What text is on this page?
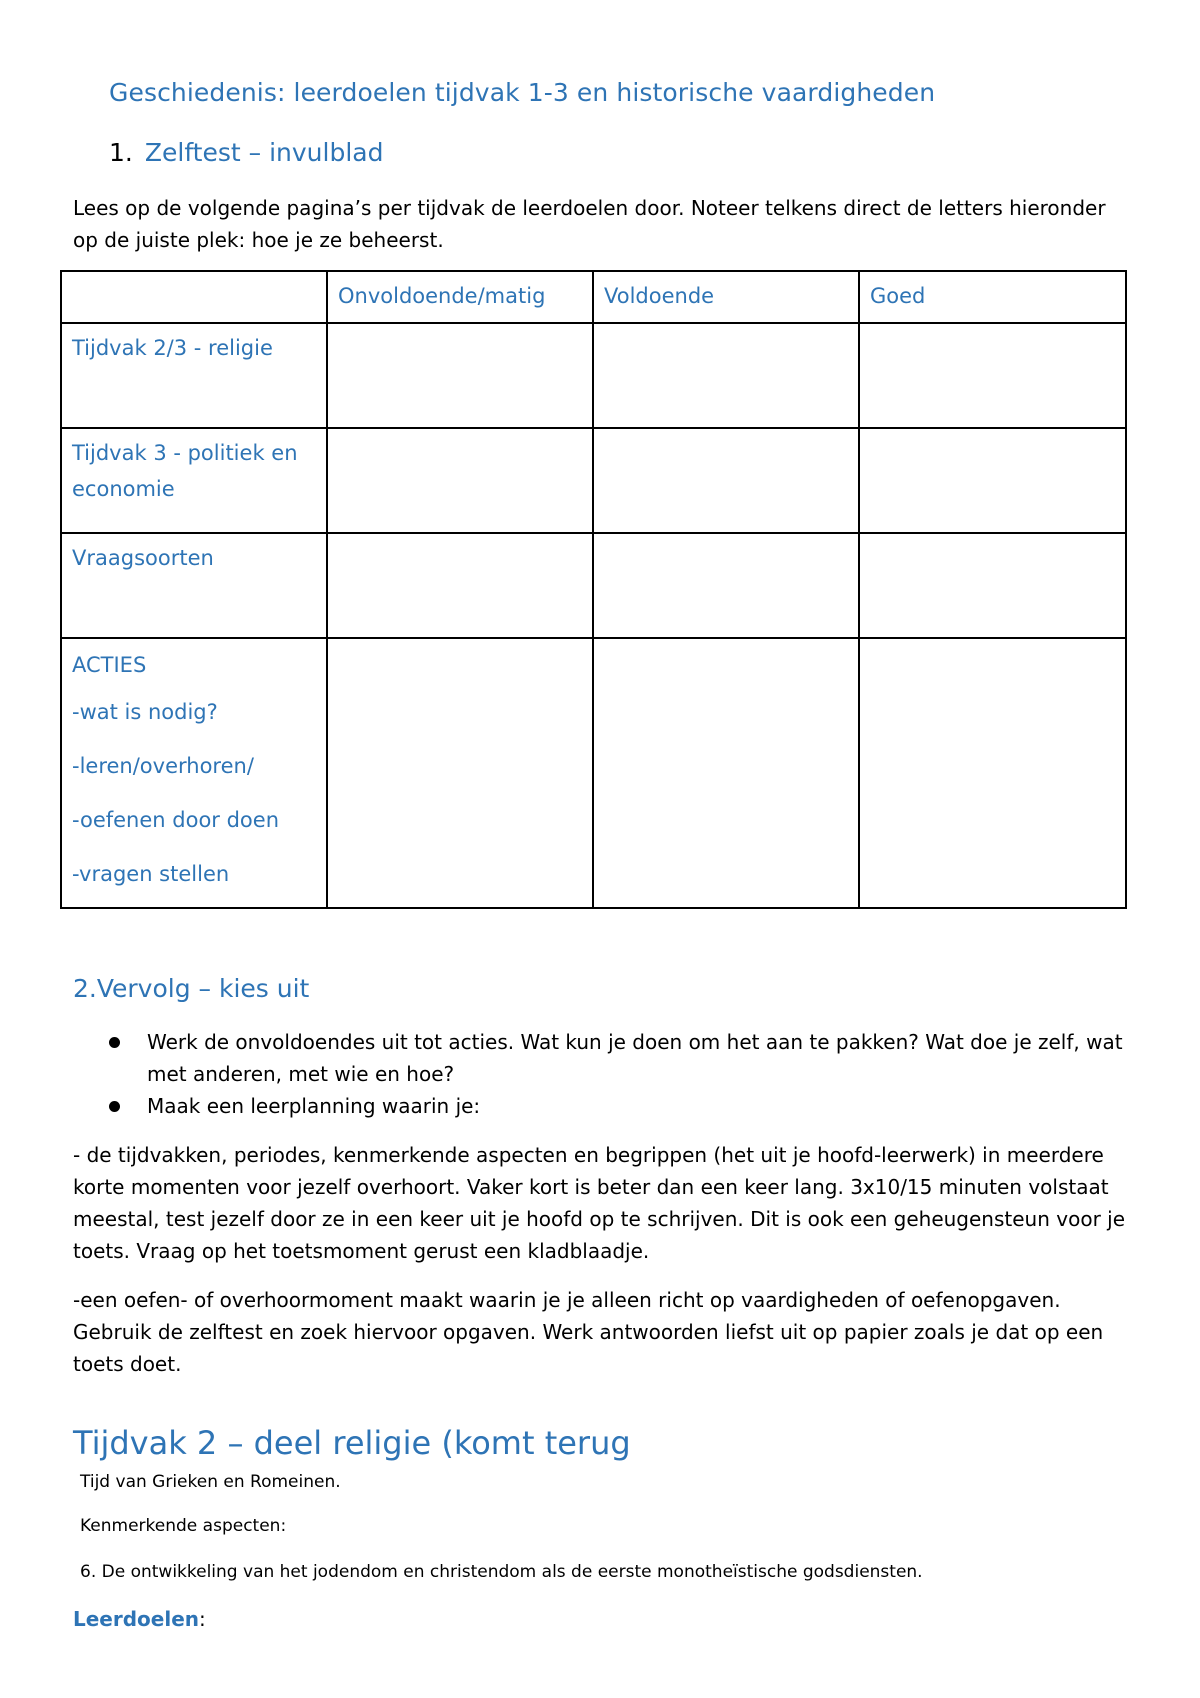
Geschiedenis: leerdoelen tijdvak 1-3 en historische vaardigheden
1. Zelftest – invulblad

Lees op de volgende pagina’s per tijdvak de leerdoelen door. Noteer telkens direct de letters hieronder op de juiste plek: hoe je ze beheerst.

	Onvoldoende/matig	Voldoende	Goed
Tijdvak 2/3 - religie			
Tijdvak 3 - politiek en economie			
Vraagsoorten			

ACTIES
-wat is nodig?
-leren/overhoren/
-oefenen door doen
-vragen stellen			

2.Vervolg – kies uit
Werk de onvoldoendes uit tot acties. Wat kun je doen om het aan te pakken? Wat doe je zelf, wat met anderen, met wie en hoe?
Maak een leerplanning waarin je:

- de tijdvakken, periodes, kenmerkende aspecten en begrippen (het uit je hoofd-leerwerk) in meerdere korte momenten voor jezelf overhoort. Vaker kort is beter dan een keer lang. 3x10/15 minuten volstaat meestal, test jezelf door ze in een keer uit je hoofd op te schrijven. Dit is ook een geheugensteun voor je toets. Vraag op het toetsmoment gerust een kladblaadje.

-een oefen- of overhoormoment maakt waarin je je alleen richt op vaardigheden of oefenopgaven. Gebruik de zelftest en zoek hiervoor opgaven. Werk antwoorden liefst uit op papier zoals je dat op een toets doet.

Tijdvak 2 – deel religie (komt terug

Tijd van Grieken en Romeinen.

Kenmerkende aspecten:

6. De ontwikkeling van het jodendom en christendom als de eerste monotheïstische godsdiensten.

Leerdoelen:
